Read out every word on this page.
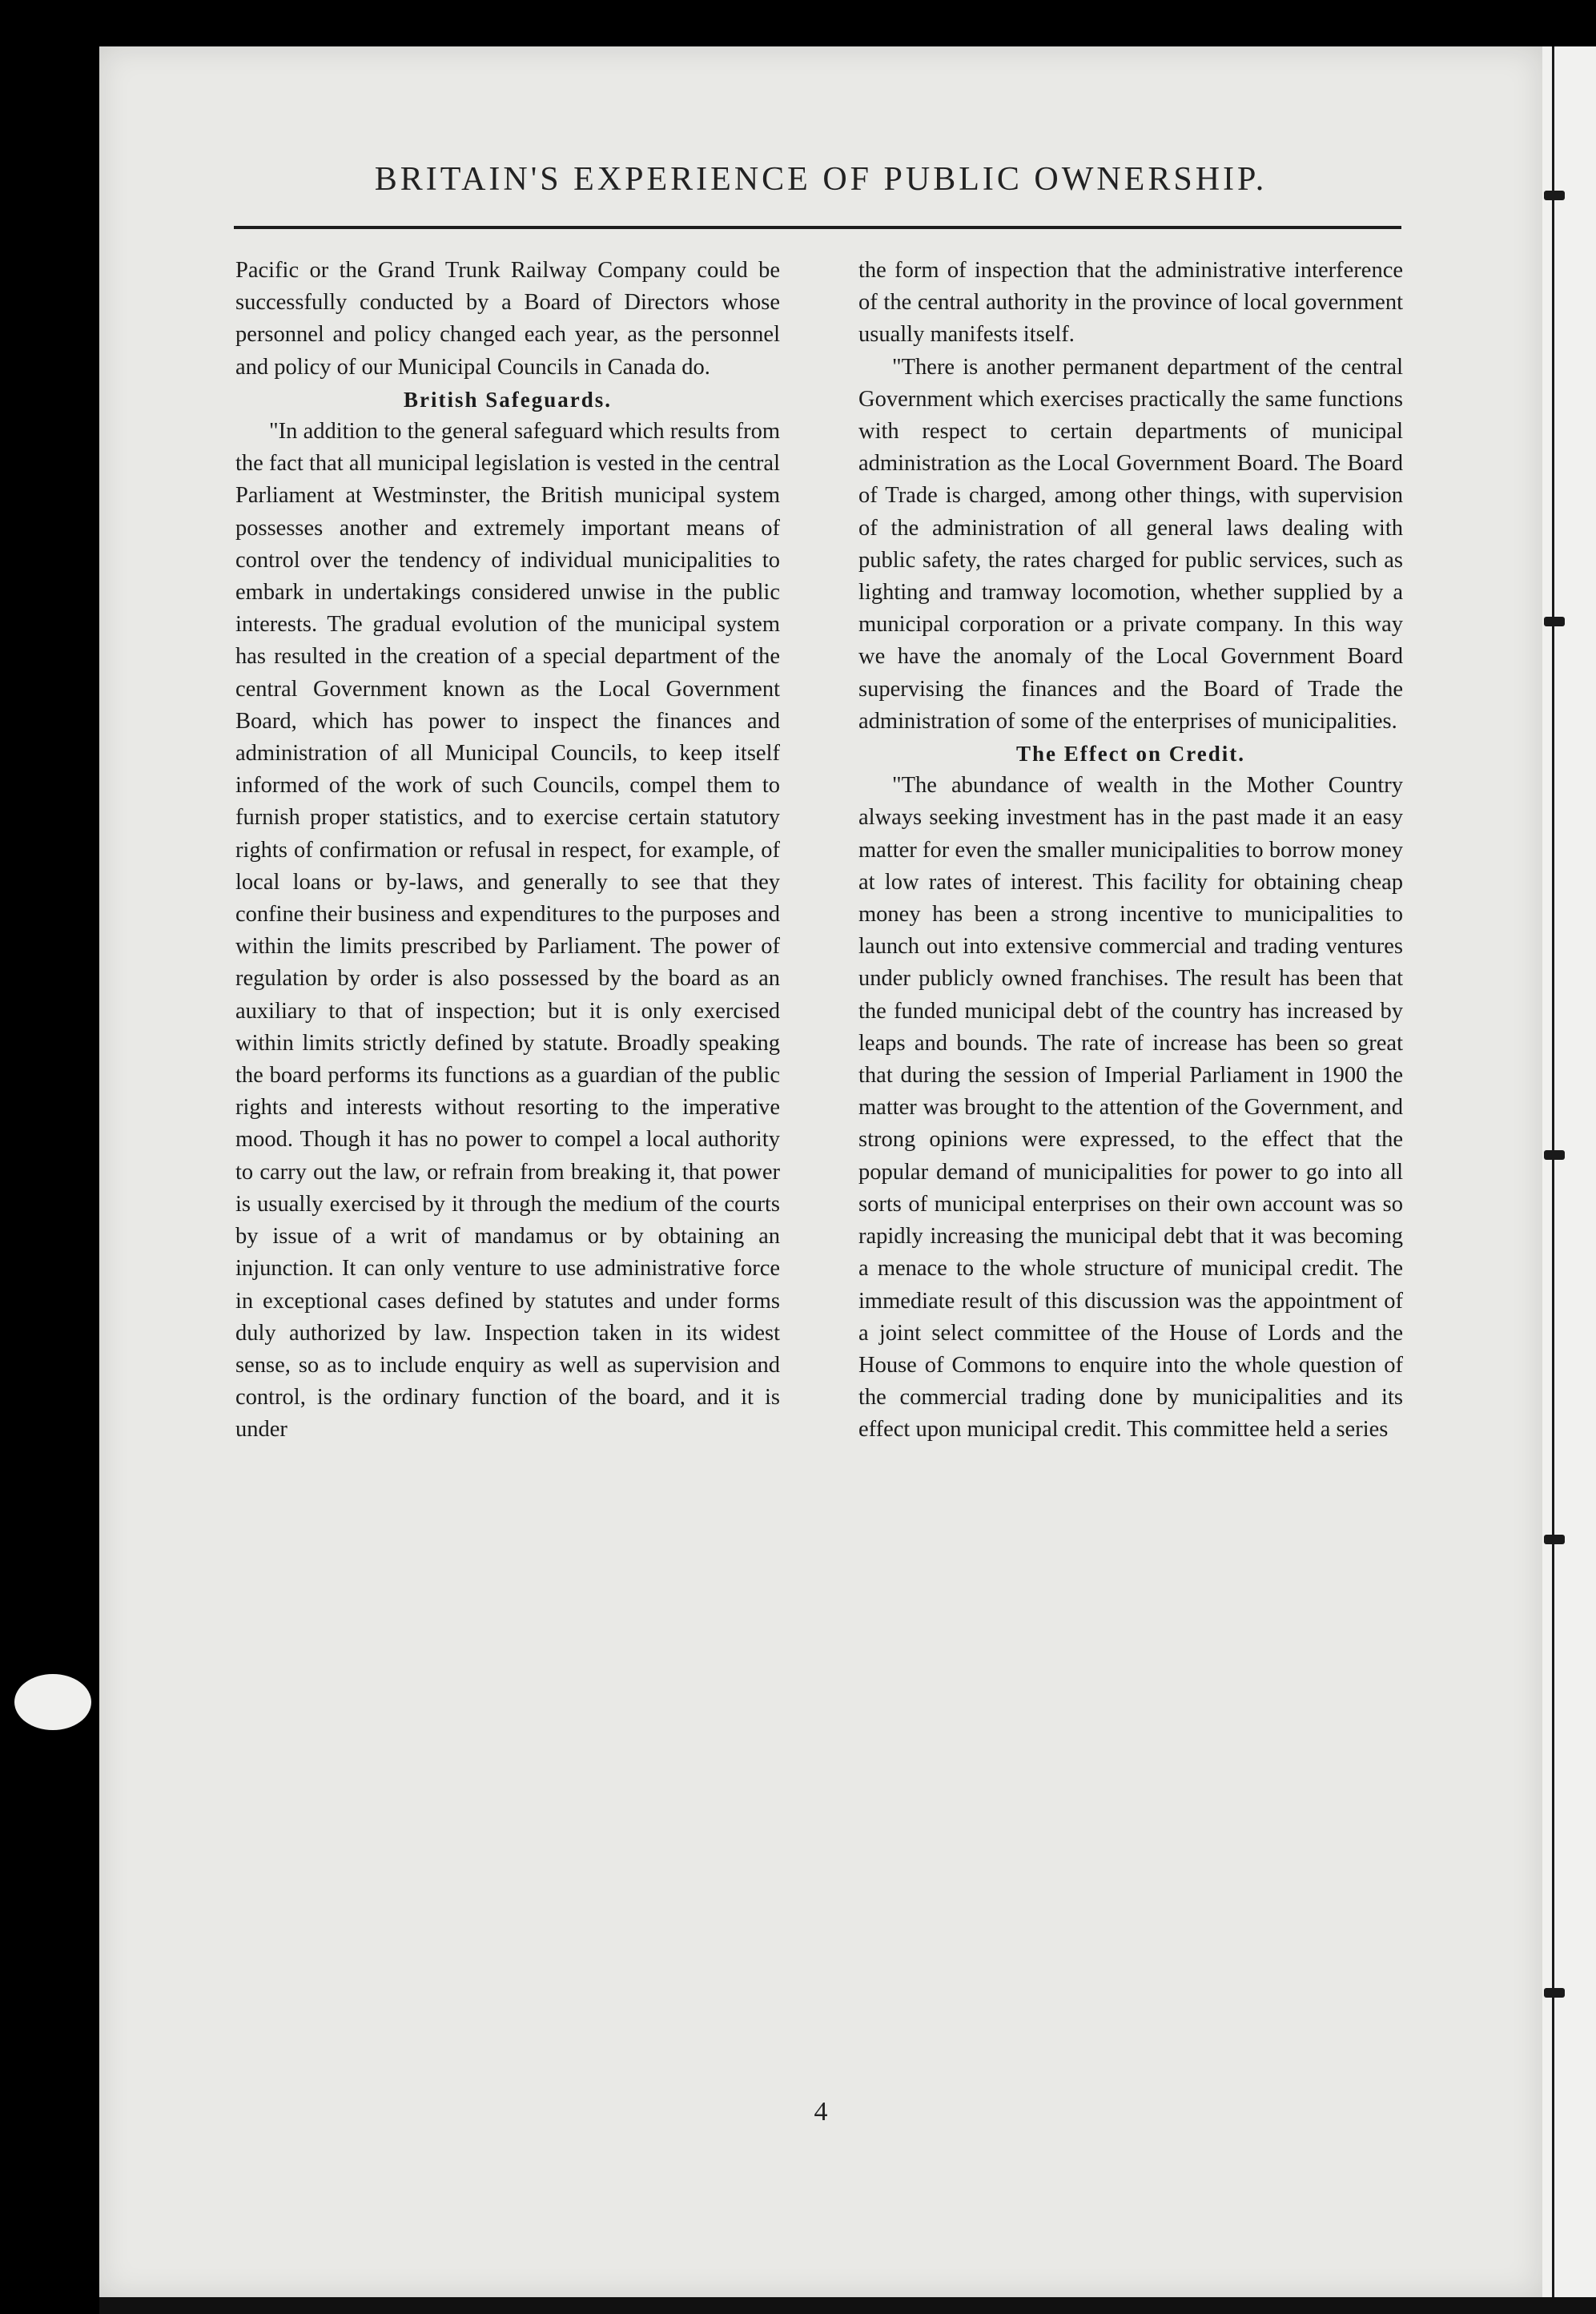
BRITAIN'S EXPERIENCE OF PUBLIC OWNERSHIP.

Pacific or the Grand Trunk Railway Company could be successfully conducted by a Board of Directors whose personnel and policy changed each year, as the personnel and policy of our Municipal Councils in Canada do.

British Safeguards.

"In addition to the general safeguard which results from the fact that all municipal legislation is vested in the central Parliament at Westminster, the British municipal system possesses another and extremely important means of control over the tendency of individual municipalities to embark in undertakings considered unwise in the public interests. The gradual evolution of the municipal system has resulted in the creation of a special department of the central Government known as the Local Government Board, which has power to inspect the finances and administration of all Municipal Councils, to keep itself informed of the work of such Councils, compel them to furnish proper statistics, and to exercise certain statutory rights of confirmation or refusal in respect, for example, of local loans or by-laws, and generally to see that they confine their business and expenditures to the purposes and within the limits prescribed by Parliament. The power of regulation by order is also possessed by the board as an auxiliary to that of inspection; but it is only exercised within limits strictly defined by statute. Broadly speaking the board performs its functions as a guardian of the public rights and interests without resorting to the imperative mood. Though it has no power to compel a local authority to carry out the law, or refrain from breaking it, that power is usually exercised by it through the medium of the courts by issue of a writ of mandamus or by obtaining an injunction. It can only venture to use administrative force in exceptional cases defined by statutes and under forms duly authorized by law. Inspection taken in its widest sense, so as to include enquiry as well as supervision and control, is the ordinary function of the board, and it is under

the form of inspection that the administrative interference of the central authority in the province of local government usually manifests itself.

"There is another permanent department of the central Government which exercises practically the same functions with respect to certain departments of municipal administration as the Local Government Board. The Board of Trade is charged, among other things, with supervision of the administration of all general laws dealing with public safety, the rates charged for public services, such as lighting and tramway locomotion, whether supplied by a municipal corporation or a private company. In this way we have the anomaly of the Local Government Board supervising the finances and the Board of Trade the administration of some of the enterprises of municipalities.

The Effect on Credit.

"The abundance of wealth in the Mother Country always seeking investment has in the past made it an easy matter for even the smaller municipalities to borrow money at low rates of interest. This facility for obtaining cheap money has been a strong incentive to municipalities to launch out into extensive commercial and trading ventures under publicly owned franchises. The result has been that the funded municipal debt of the country has increased by leaps and bounds. The rate of increase has been so great that during the session of Imperial Parliament in 1900 the matter was brought to the attention of the Government, and strong opinions were expressed, to the effect that the popular demand of municipalities for power to go into all sorts of municipal enterprises on their own account was so rapidly increasing the municipal debt that it was becoming a menace to the whole structure of municipal credit. The immediate result of this discussion was the appointment of a joint select committee of the House of Lords and the House of Commons to enquire into the whole question of the commercial trading done by municipalities and its effect upon municipal credit. This committee held a series

4
